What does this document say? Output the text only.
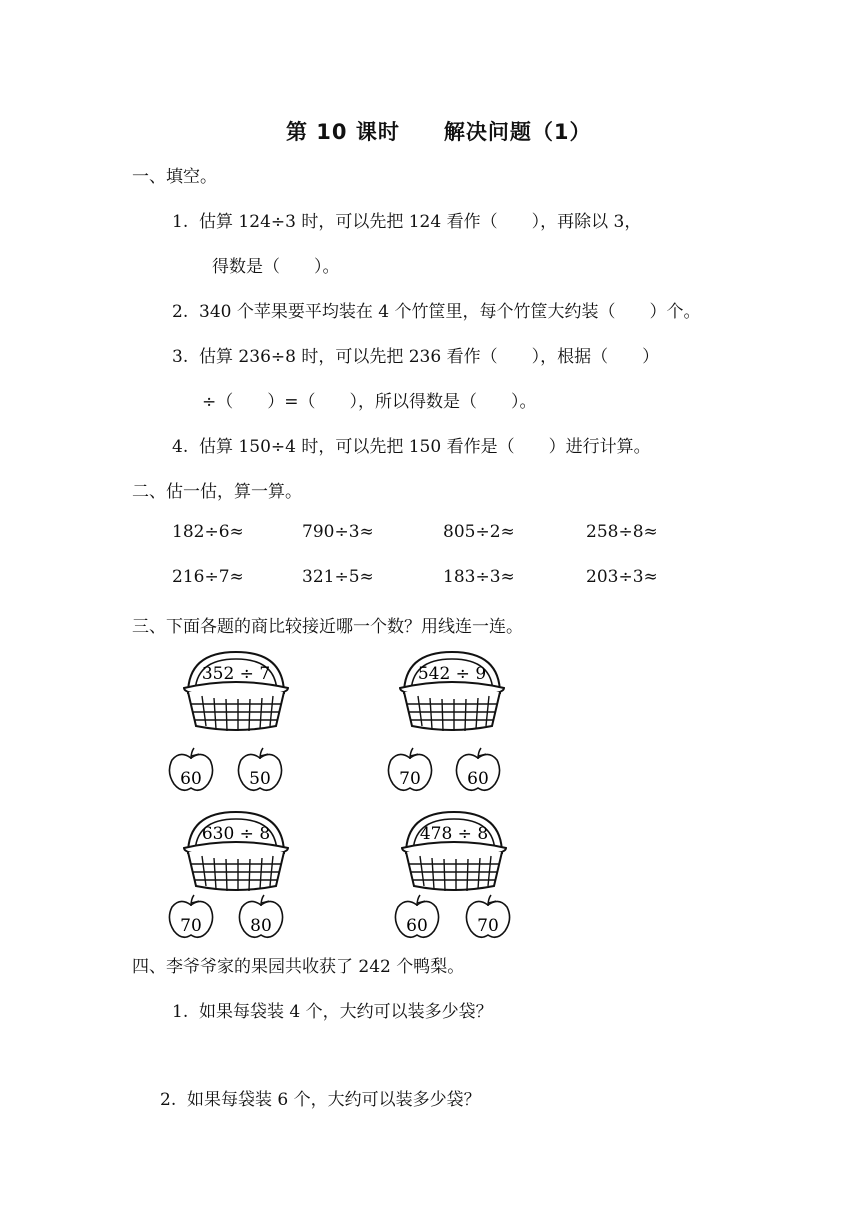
第 10 课时　　解决问题（1）
一、填空。
1.  估算 124÷3 时，可以先把 124 看作（　　），再除以 3，
得数是（　　）。
2.  340 个苹果要平均装在 4 个竹筐里，每个竹筐大约装（　　）个。
3.  估算 236÷8 时，可以先把 236 看作（　　），根据（　　）
÷（　　）=（　　），所以得数是（　　）。
4.  估算 150÷4 时，可以先把 150 看作是（　　）进行计算。
二、估一估，算一算。
182÷6≈	790÷3≈	805÷2≈	258÷8≈
216÷7≈	321÷5≈	183÷3≈	203÷3≈
三、下面各题的商比较接近哪一个数？用线连一连。
352 ÷ 7	542 ÷ 9
630 ÷ 8	478 ÷ 8
60	50	70	60
70	80	60	70
四、李爷爷家的果园共收获了 242 个鸭梨。
1.  如果每袋装 4 个，大约可以装多少袋？
2.  如果每袋装 6 个，大约可以装多少袋？
